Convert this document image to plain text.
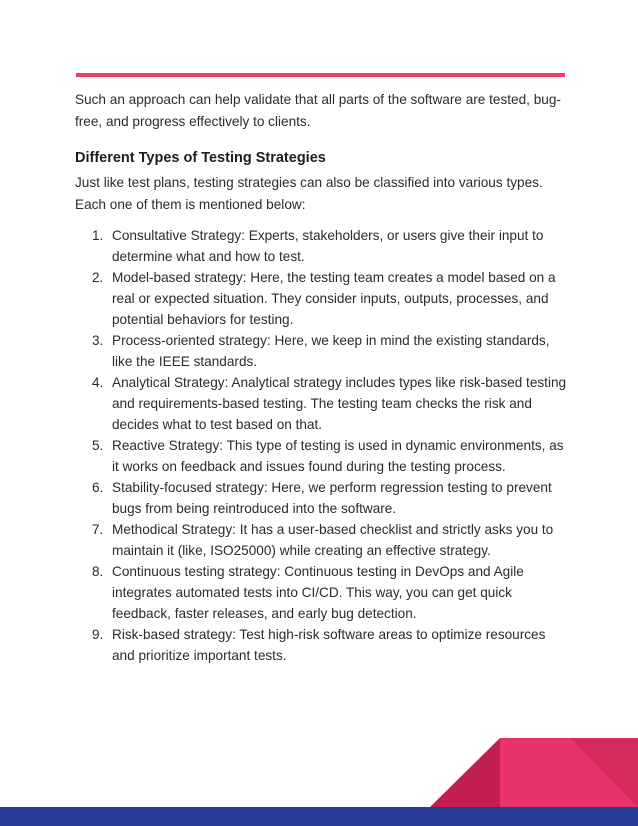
Such an approach can help validate that all parts of the software are tested, bug-free, and progress effectively to clients.

Different Types of Testing Strategies

Just like test plans, testing strategies can also be classified into various types. Each one of them is mentioned below:

1. Consultative Strategy: Experts, stakeholders, or users give their input to determine what and how to test.
2. Model-based strategy: Here, the testing team creates a model based on a real or expected situation. They consider inputs, outputs, processes, and potential behaviors for testing.
3. Process-oriented strategy: Here, we keep in mind the existing standards, like the IEEE standards.
4. Analytical Strategy: Analytical strategy includes types like risk-based testing and requirements-based testing. The testing team checks the risk and decides what to test based on that.
5. Reactive Strategy: This type of testing is used in dynamic environments, as it works on feedback and issues found during the testing process.
6. Stability-focused strategy: Here, we perform regression testing to prevent bugs from being reintroduced into the software.
7. Methodical Strategy: It has a user-based checklist and strictly asks you to maintain it (like, ISO25000) while creating an effective strategy.
8. Continuous testing strategy: Continuous testing in DevOps and Agile integrates automated tests into CI/CD. This way, you can get quick feedback, faster releases, and early bug detection.
9. Risk-based strategy: Test high-risk software areas to optimize resources and prioritize important tests.
